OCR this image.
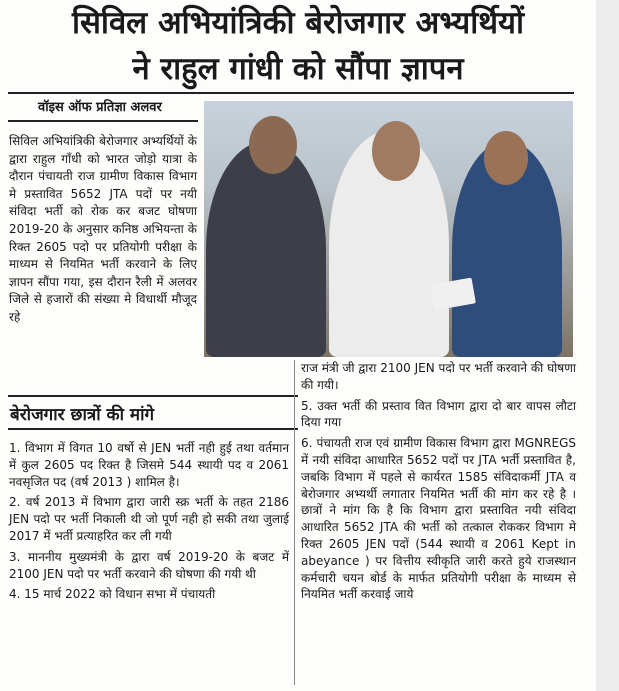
सिविल अभियांत्रिकी बेरोजगार अभ्यर्थियों
ने राहुल गांधी को सौंपा ज्ञापन
वॉइस ऑफ प्रतिज्ञा अलवर

सिविल अभियांत्रिकी बेरोजगार अभ्यर्थियों के द्वारा राहुल गाँधी को भारत जोड़ो यात्रा के दौरान पंचायती राज ग्रामीण विकास विभाग मे प्रस्तावित 5652 JTA पदों पर नयी संविदा भर्ती को रोक कर बजट घोषणा 2019-20 के अनुसार कनिष्ठ अभियन्ता के रिक्त 2605 पदो पर प्रतियोगी परीक्षा के माध्यम से नियमित भर्ती करवाने के लिए ज्ञापन सौंपा गया, इस दौरान रैली में अलवर जिले से हजारों की संख्या मे विधार्थी मौजूद रहे

बेरोजगार छात्रों की मांगे

1. विभाग में विगत 10 वर्षो से JEN भर्ती नही हुई तथा वर्तमान में कुल 2605 पद रिक्त है जिसमे 544 स्थायी पद व 2061 नवसृजित पद (वर्ष 2013 ) शामिल है।

2. वर्ष 2013 में विभाग द्वारा जारी स्क्र भर्ती के तहत 2186 JEN पदो पर भर्ती निकाली थी जो पूर्ण नही हो सकी तथा जुलाई 2017 में भर्ती प्रत्याहरित कर ली गयी

3. माननीय मुख्यमंत्री के द्वारा वर्ष 2019-20 के बजट में 2100 JEN पदो पर भर्ती करवाने की घोषणा की गयी थी

4. 15 मार्च 2022 को विधान सभा में पंचायती

राज मंत्री जी द्वारा 2100 JEN पदो पर भर्ती करवाने की घोषणा की गयी।

5. उक्त भर्ती की प्रस्ताव वित विभाग द्वारा दो बार वापस लौटा दिया गया

6. पंचायती राज एवं ग्रामीण विकास विभाग द्वारा MGNREGS में नयी संविदा आधारित 5652 पदों पर JTA भर्ती प्रस्तावित है, जबकि विभाग में पहले से कार्यरत 1585 संविदाकर्मी JTA व बेरोजगार अभ्यर्थी लगातार नियमित भर्ती की मांग कर रहे है । छात्रों ने मांग कि है कि विभाग द्वारा प्रस्तावित नयी संविदा आधारित 5652 JTA की भर्ती को तत्काल रोककर विभाग मे रिक्त 2605 JEN पदों (544 स्थायी व 2061 Kept in abeyance ) पर वित्तीय स्वीकृति जारी करते हुये राजस्थान कर्मचारी चयन बोर्ड के मार्फत प्रतियोगी परीक्षा के माध्यम से नियमित भर्ती करवाई जाये
